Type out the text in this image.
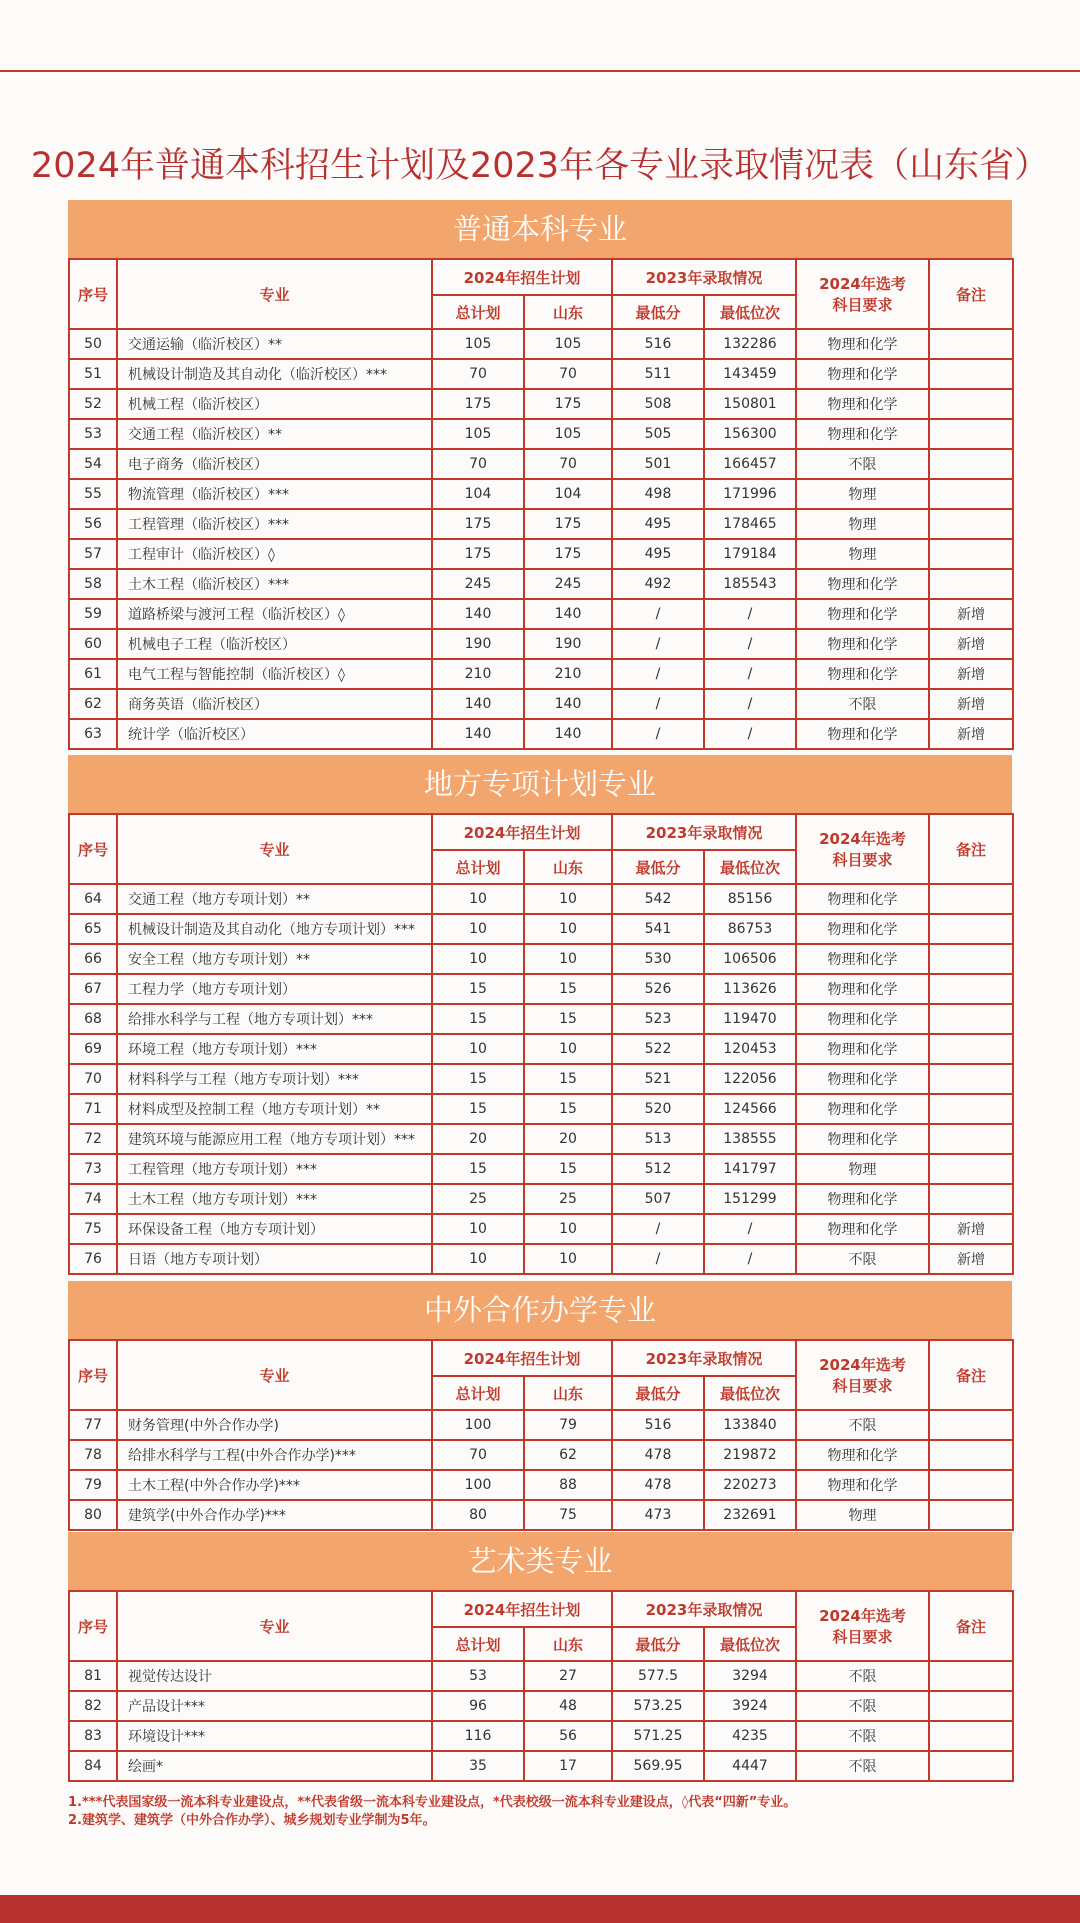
2024年普通本科招生计划及2023年各专业录取情况表（山东省）
普通本科专业
序号	专业	2024年招生计划		2023年录取情况		2024年选考
科目要求	备注
		总计划	山东	最低分	最低位次		
50	交通运输（临沂校区）**	105	105	516	132286	物理和化学	
51	机械设计制造及其自动化（临沂校区）***	70	70	511	143459	物理和化学	
52	机械工程（临沂校区）	175	175	508	150801	物理和化学	
53	交通工程（临沂校区）**	105	105	505	156300	物理和化学	
54	电子商务（临沂校区）	70	70	501	166457	不限	
55	物流管理（临沂校区）***	104	104	498	171996	物理	
56	工程管理（临沂校区）***	175	175	495	178465	物理	
57	工程审计（临沂校区）◊	175	175	495	179184	物理	
58	土木工程（临沂校区）***	245	245	492	185543	物理和化学	
59	道路桥梁与渡河工程（临沂校区）◊	140	140	/	/	物理和化学	新增
60	机械电子工程（临沂校区）	190	190	/	/	物理和化学	新增
61	电气工程与智能控制（临沂校区）◊	210	210	/	/	物理和化学	新增
62	商务英语（临沂校区）	140	140	/	/	不限	新增
63	统计学（临沂校区）	140	140	/	/	物理和化学	新增
地方专项计划专业
序号	专业	2024年招生计划		2023年录取情况		2024年选考
科目要求	备注
		总计划	山东	最低分	最低位次		
64	交通工程（地方专项计划）**	10	10	542	85156	物理和化学	
65	机械设计制造及其自动化（地方专项计划）***	10	10	541	86753	物理和化学	
66	安全工程（地方专项计划）**	10	10	530	106506	物理和化学	
67	工程力学（地方专项计划）	15	15	526	113626	物理和化学	
68	给排水科学与工程（地方专项计划）***	15	15	523	119470	物理和化学	
69	环境工程（地方专项计划）***	10	10	522	120453	物理和化学	
70	材料科学与工程（地方专项计划）***	15	15	521	122056	物理和化学	
71	材料成型及控制工程（地方专项计划）**	15	15	520	124566	物理和化学	
72	建筑环境与能源应用工程（地方专项计划）***	20	20	513	138555	物理和化学	
73	工程管理（地方专项计划）***	15	15	512	141797	物理	
74	土木工程（地方专项计划）***	25	25	507	151299	物理和化学	
75	环保设备工程（地方专项计划）	10	10	/	/	物理和化学	新增
76	日语（地方专项计划）	10	10	/	/	不限	新增
中外合作办学专业
序号	专业	2024年招生计划		2023年录取情况		2024年选考
科目要求	备注
		总计划	山东	最低分	最低位次		
77	财务管理(中外合作办学)	100	79	516	133840	不限	
78	给排水科学与工程(中外合作办学)***	70	62	478	219872	物理和化学	
79	土木工程(中外合作办学)***	100	88	478	220273	物理和化学	
80	建筑学(中外合作办学)***	80	75	473	232691	物理	
艺术类专业
序号	专业	2024年招生计划		2023年录取情况		2024年选考
科目要求	备注
		总计划	山东	最低分	最低位次		
81	视觉传达设计	53	27	577.5	3294	不限	
82	产品设计***	96	48	573.25	3924	不限	
83	环境设计***	116	56	571.25	4235	不限	
84	绘画*	35	17	569.95	4447	不限	
1.***代表国家级一流本科专业建设点，**代表省级一流本科专业建设点，*代表校级一流本科专业建设点，◊代表“四新”专业。
2.建筑学、建筑学（中外合作办学）、城乡规划专业学制为5年。
